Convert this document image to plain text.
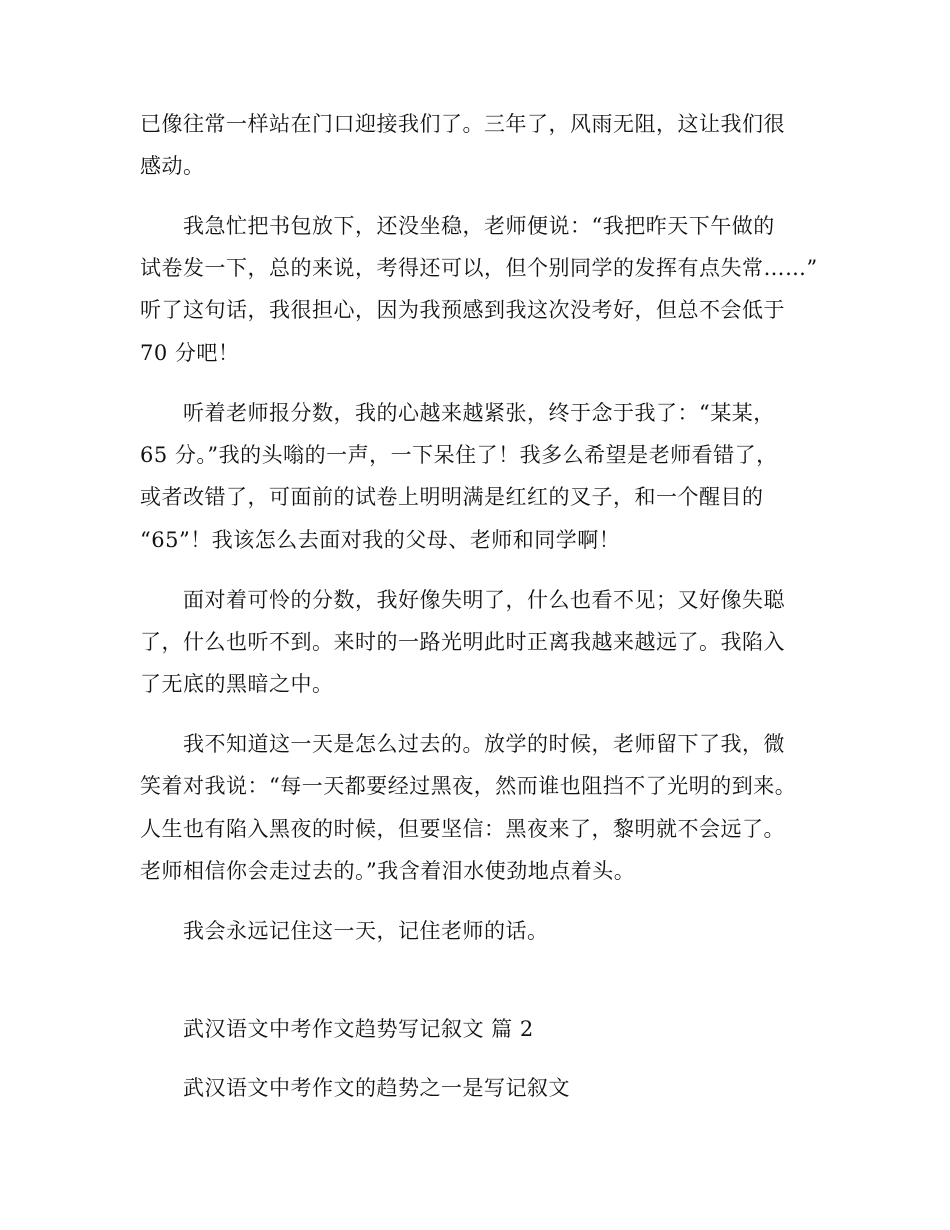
已像往常一样站在门口迎接我们了。三年了，风雨无阻，这让我们很
感动。
我急忙把书包放下，还没坐稳，老师便说：“我把昨天下午做的
试卷发一下，总的来说，考得还可以，但个别同学的发挥有点失常……”
听了这句话，我很担心，因为我预感到我这次没考好，但总不会低于
70 分吧！
听着老师报分数，我的心越来越紧张，终于念于我了：“某某，
65 分。”我的头嗡的一声，一下呆住了！我多么希望是老师看错了，
或者改错了，可面前的试卷上明明满是红红的叉子，和一个醒目的
“65”！我该怎么去面对我的父母、老师和同学啊！
面对着可怜的分数，我好像失明了，什么也看不见；又好像失聪
了，什么也听不到。来时的一路光明此时正离我越来越远了。我陷入
了无底的黑暗之中。
我不知道这一天是怎么过去的。放学的时候，老师留下了我，微
笑着对我说：“每一天都要经过黑夜，然而谁也阻挡不了光明的到来。
人生也有陷入黑夜的时候，但要坚信：黑夜来了，黎明就不会远了。
老师相信你会走过去的。”我含着泪水使劲地点着头。
我会永远记住这一天，记住老师的话。
武汉语文中考作文趋势写记叙文 篇 2
武汉语文中考作文的趋势之一是写记叙文
